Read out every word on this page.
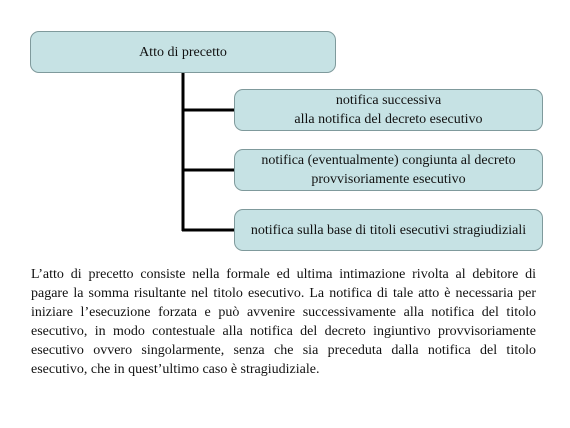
Atto di precetto
notifica successiva
alla notifica del decreto esecutivo
notifica (eventualmente) congiunta al decreto
provvisoriamente esecutivo
notifica sulla base di titoli esecutivi stragiudiziali

L’atto di precetto consiste nella formale ed ultima intimazione rivolta al debitore di pagare la somma risultante nel titolo esecutivo. La notifica di tale atto è necessaria per iniziare l’esecuzione forzata e può avvenire successivamente alla notifica del titolo esecutivo, in modo contestuale alla notifica del decreto ingiuntivo provvisoriamente esecutivo ovvero singolarmente, senza che sia preceduta dalla notifica del titolo esecutivo, che in quest’ultimo caso è stragiudiziale.
